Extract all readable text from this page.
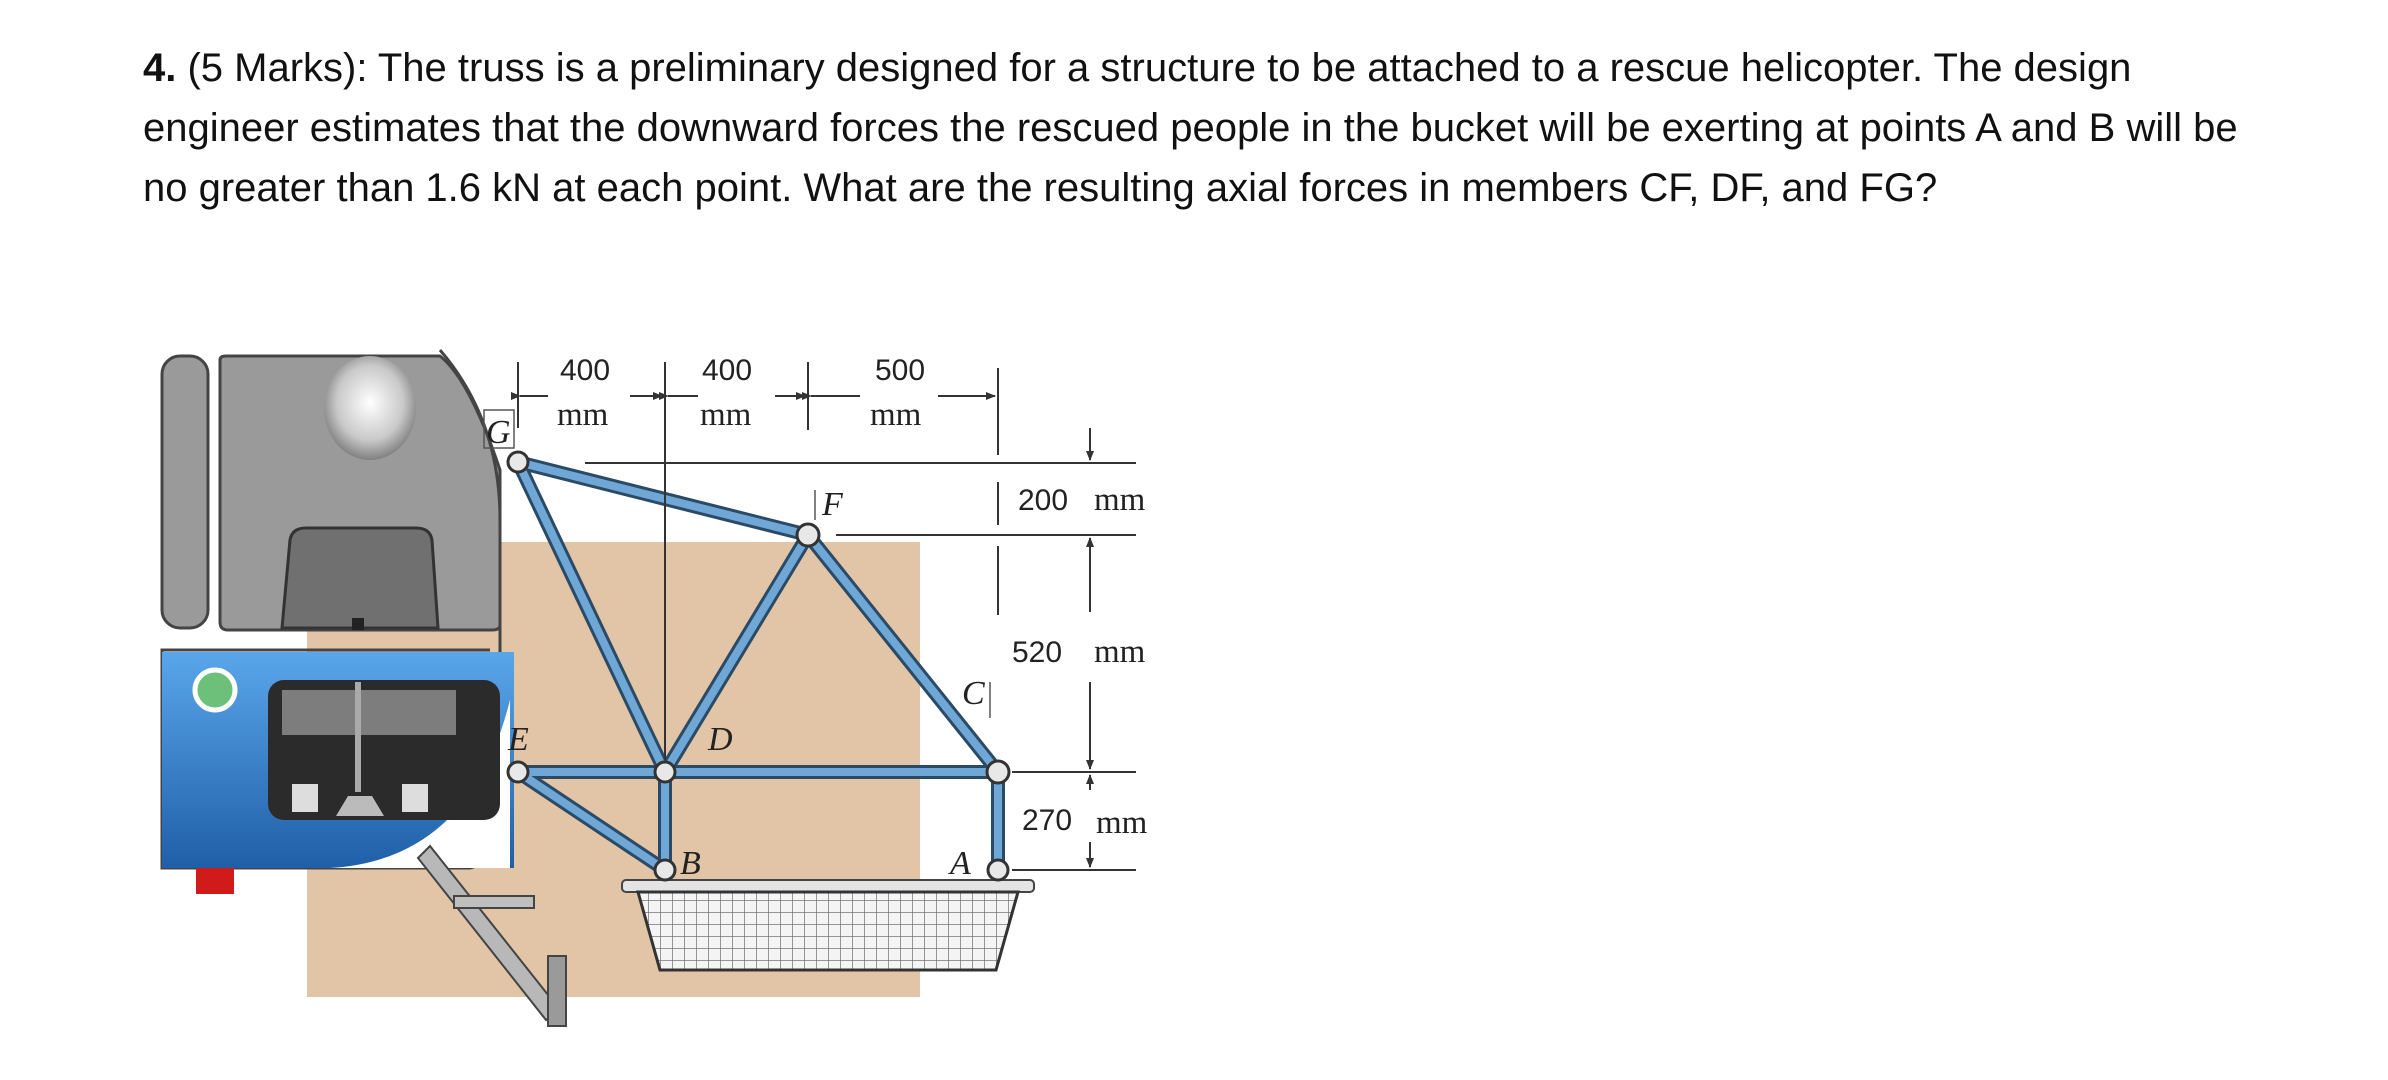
4. (5 Marks): The truss is a preliminary designed for a structure to be attached to a rescue helicopter. The design engineer estimates that the downward forces the rescued people in the bucket will be exerting at points A and B will be no greater than 1.6 kN at each point. What are the resulting axial forces in members CF, DF, and FG?
G
F
E	D
C
B	A
400
mm
400
mm
500
mm
200 mm
520 mm
270 mm
